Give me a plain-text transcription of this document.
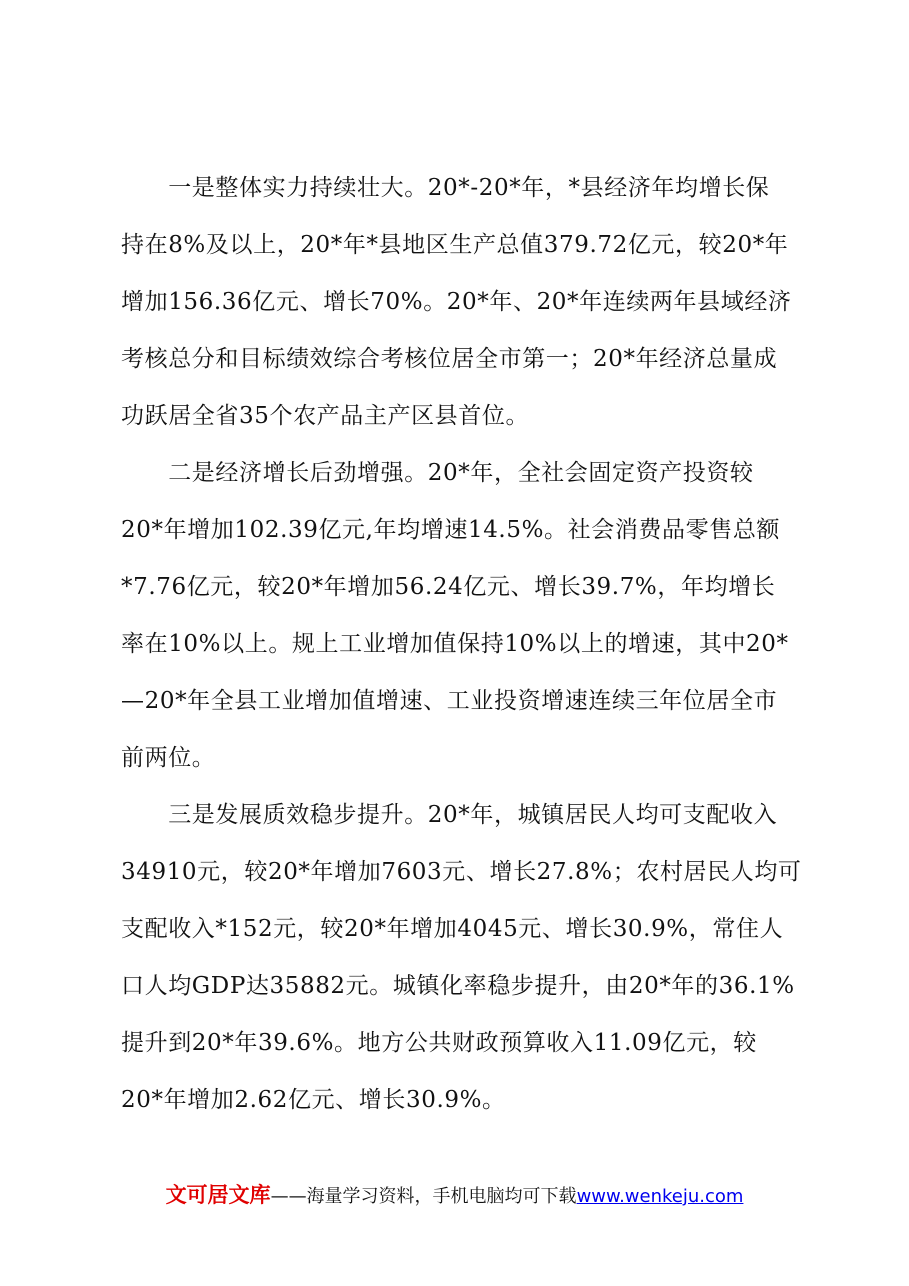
　　一是整体实力持续壮大。20*-20*年，*县经济年均增长保
持在8%及以上，20*年*县地区生产总值379.72亿元，较20*年
增加156.36亿元、增长70%。20*年、20*年连续两年县域经济
考核总分和目标绩效综合考核位居全市第一；20*年经济总量成
功跃居全省35个农产品主产区县首位。
　　二是经济增长后劲增强。20*年，全社会固定资产投资较
20*年增加102.39亿元,年均增速14.5%。社会消费品零售总额
*7.76亿元，较20*年增加56.24亿元、增长39.7%，年均增长
率在10%以上。规上工业增加值保持10%以上的增速，其中20*
—20*年全县工业增加值增速、工业投资增速连续三年位居全市
前两位。
　　三是发展质效稳步提升。20*年，城镇居民人均可支配收入
34910元，较20*年增加7603元、增长27.8%；农村居民人均可
支配收入*152元，较20*年增加4045元、增长30.9%，常住人
口人均GDP达35882元。城镇化率稳步提升，由20*年的36.1%
提升到20*年39.6%。地方公共财政预算收入11.09亿元，较
20*年增加2.62亿元、增长30.9%。
文可居文库——海量学习资料，手机电脑均可下载www.wenkeju.com
